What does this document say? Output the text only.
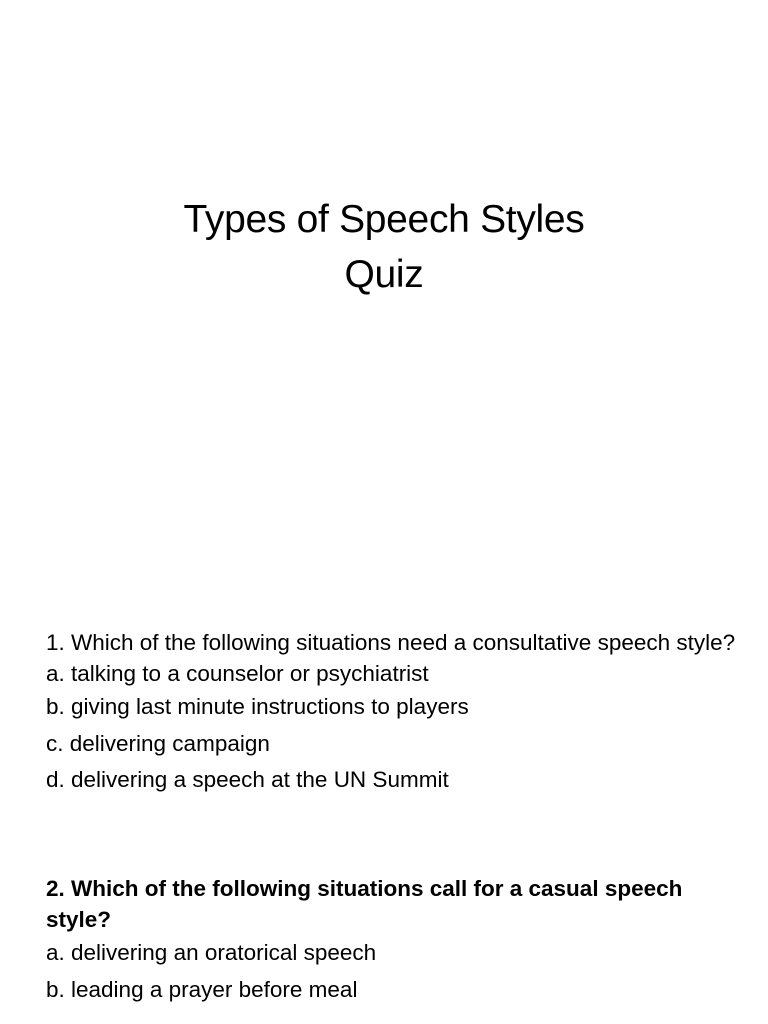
Types of Speech Styles
Quiz
1. Which of the following situations need a consultative speech style?
a. talking to a counselor or psychiatrist
b. giving last minute instructions to players
c. delivering campaign
d. delivering a speech at the UN Summit
2. Which of the following situations call for a casual speech style?
a. delivering an oratorical speech
b. leading a prayer before meal
